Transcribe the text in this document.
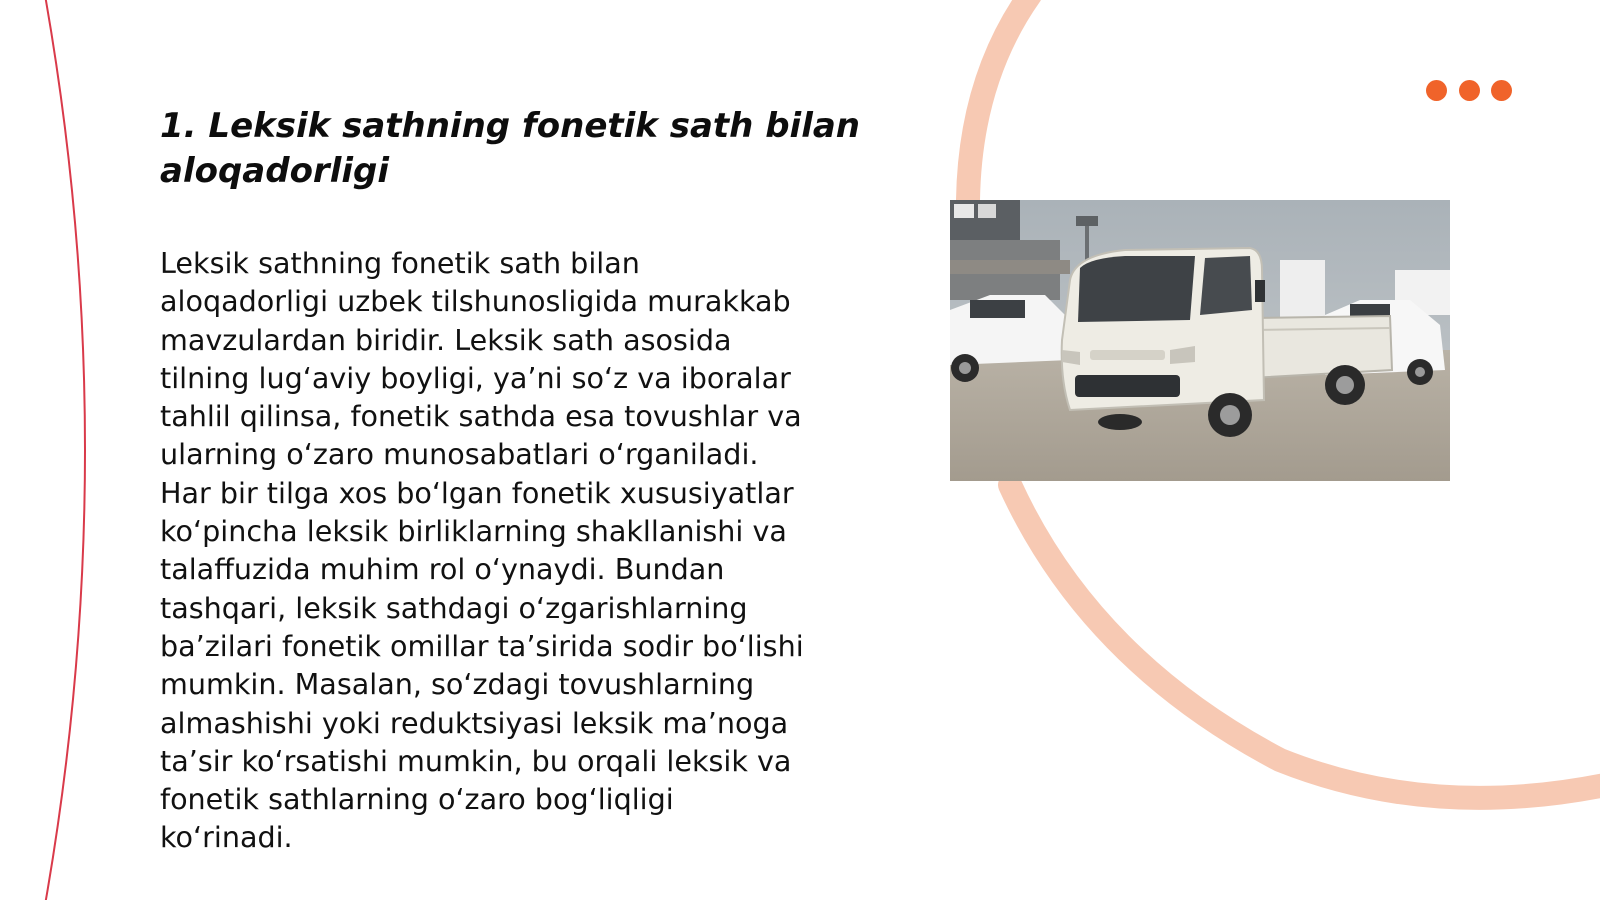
1. Leksik sathning fonetik sath bilan
aloqadorligi

Leksik sathning fonetik sath bilan
aloqadorligi uzbek tilshunosligida murakkab
mavzulardan biridir. Leksik sath asosida
tilning lug‘aviy boyligi, ya’ni so‘z va iboralar
tahlil qilinsa, fonetik sathda esa tovushlar va
ularning o‘zaro munosabatlari o‘rganiladi.
Har bir tilga xos bo‘lgan fonetik xususiyatlar
ko‘pincha leksik birliklarning shakllanishi va
talaffuzida muhim rol o‘ynaydi. Bundan
tashqari, leksik sathdagi o‘zgarishlarning
ba’zilari fonetik omillar ta’sirida sodir bo‘lishi
mumkin. Masalan, so‘zdagi tovushlarning
almashishi yoki reduktsiyasi leksik ma’noga
ta’sir ko‘rsatishi mumkin, bu orqali leksik va
fonetik sathlarning o‘zaro bog‘liqligi
ko‘rinadi.
